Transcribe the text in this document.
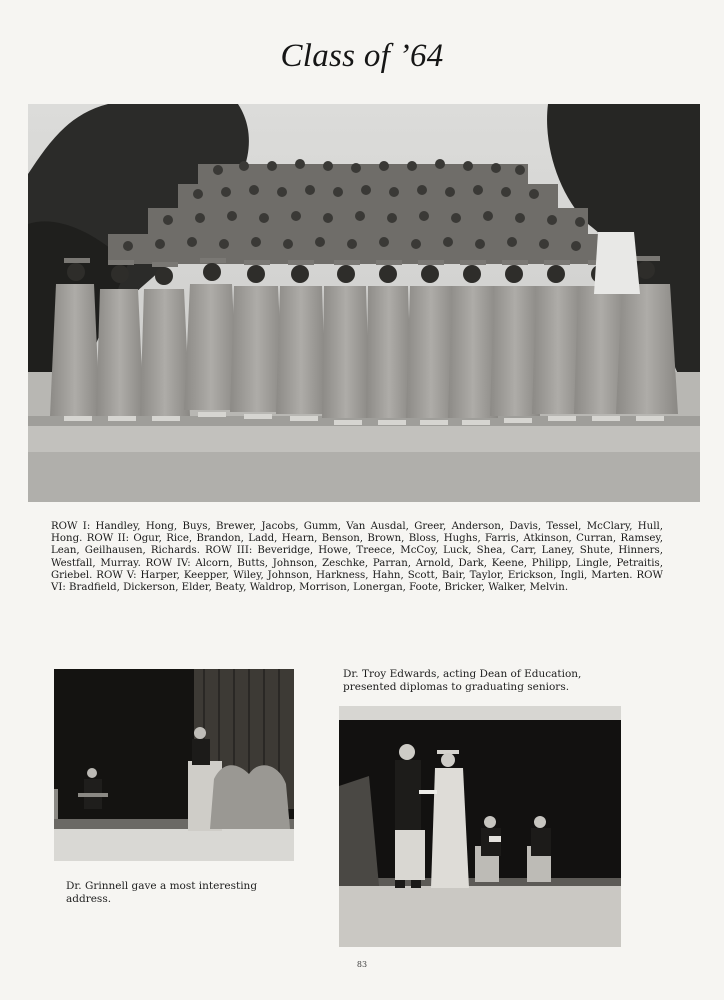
Class of ’64
ROW I: Handley, Hong, Buys, Brewer, Jacobs, Gumm, Van Ausdal, Greer, Anderson, Davis, Tessel, McClary, Hull, Hong. ROW II: Ogur, Rice, Brandon, Ladd, Hearn, Benson, Brown, Bloss, Hughs, Farris, Atkinson, Curran, Ramsey, Lean, Geilhausen, Richards. ROW III: Beveridge, Howe, Treece, McCoy, Luck, Shea, Carr, Laney, Shute, Hinners, Westfall, Murray. ROW IV: Alcorn, Butts, Johnson, Zeschke, Parran, Arnold, Dark, Keene, Philipp, Lingle, Petraitis, Griebel. ROW V: Harper, Keepper, Wiley, Johnson, Harkness, Hahn, Scott, Bair, Taylor, Erickson, Ingli, Marten. ROW VI: Bradfield, Dickerson, Elder, Beaty, Waldrop, Morrison, Lonergan, Foote, Bricker, Walker, Melvin.
Dr. Grinnell gave a most interesting address.
Dr. Troy Edwards, acting Dean of Education, presented diplomas to graduating seniors.
83
